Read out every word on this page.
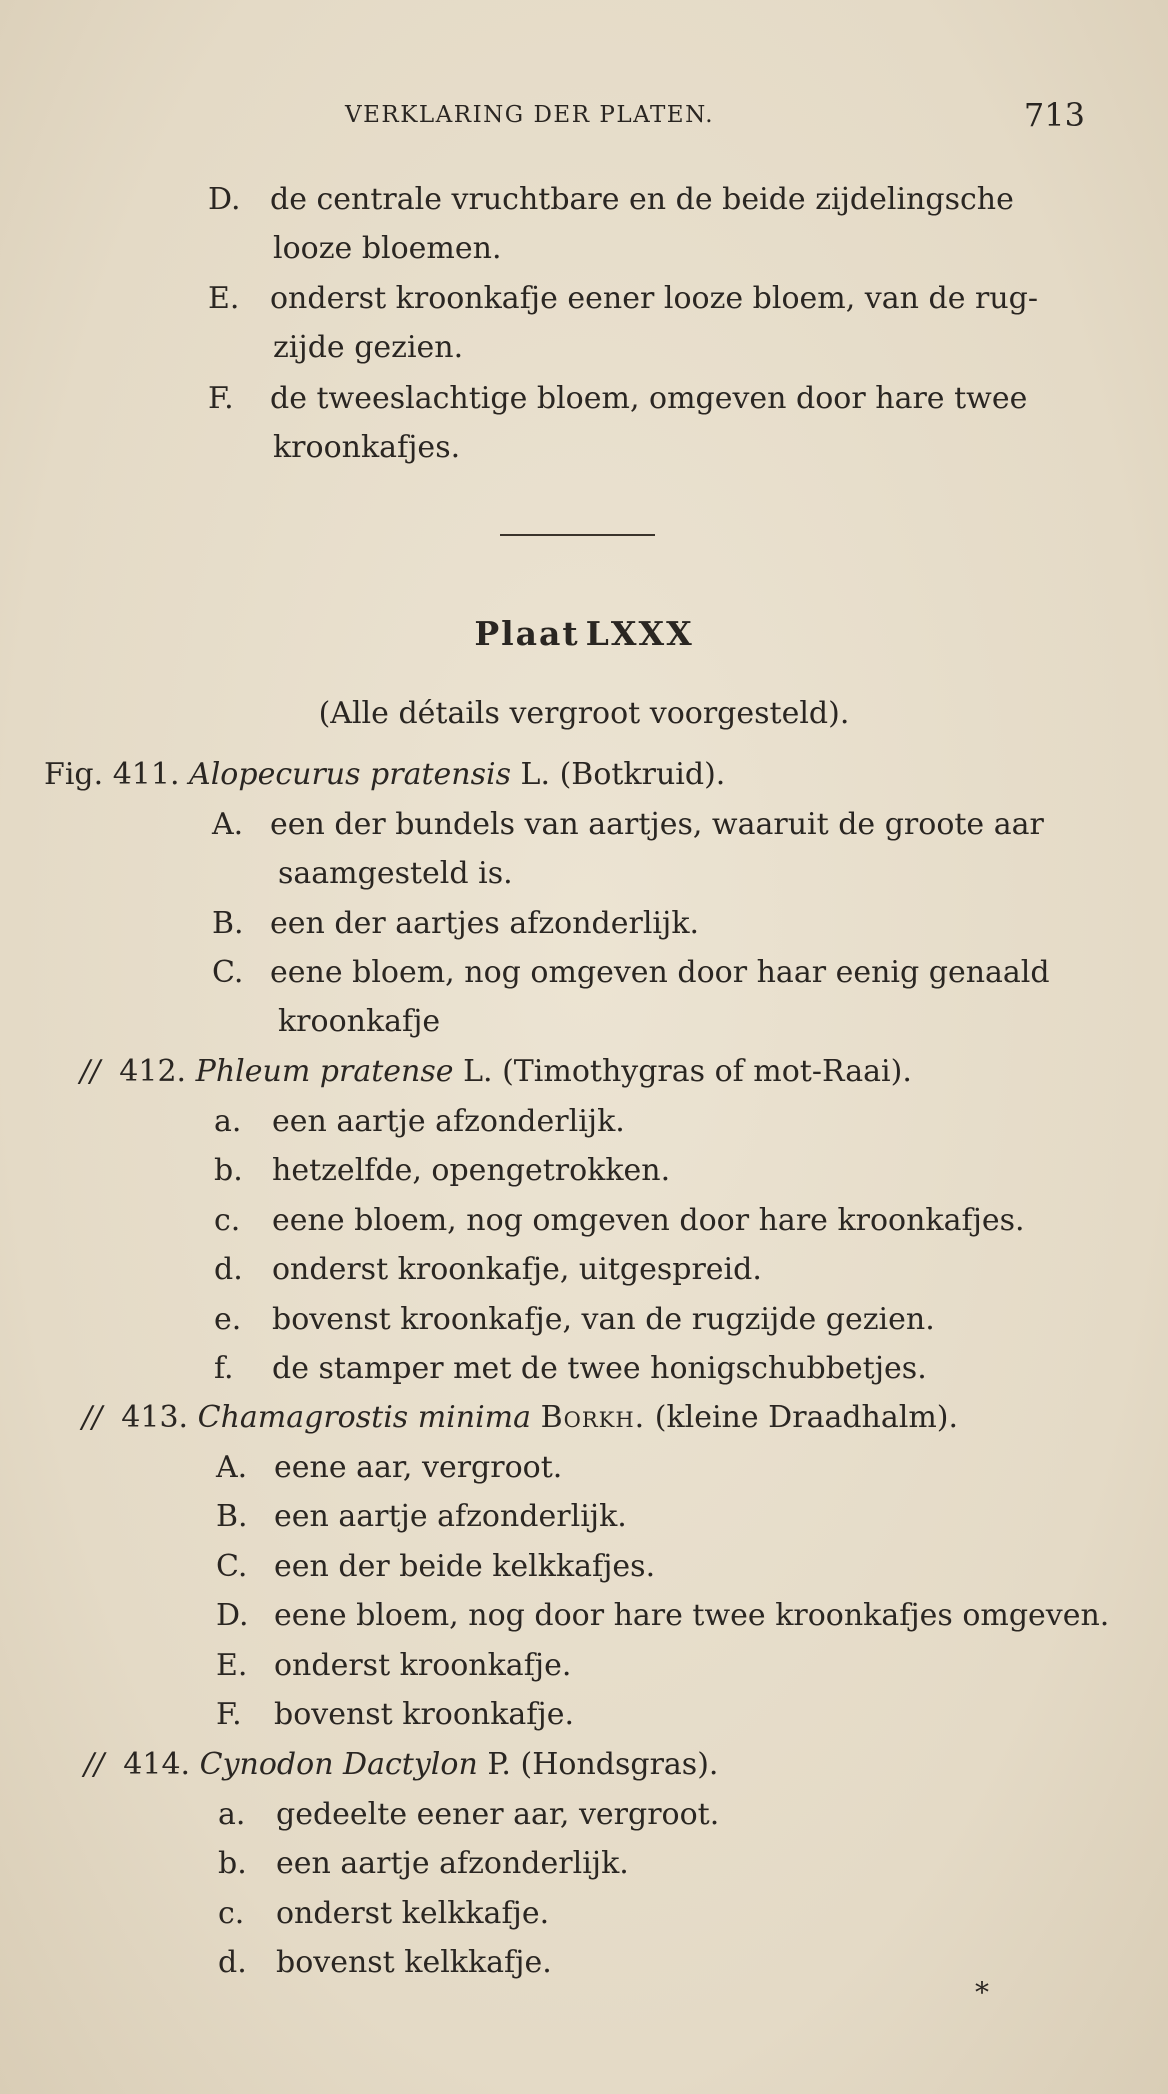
VERKLARING DER PLATEN.	713
D. de centrale vruchtbare en de beide zijdelingsche
looze bloemen.
E. onderst kroonkafje eener looze bloem, van de rug-
zijde gezien.
F. de tweeslachtige bloem, omgeven door hare twee
kroonkafjes.
Plaat LXXX
(Alle détails vergroot voorgesteld).
Fig. 411. Alopecurus pratensis L. (Botkruid).
A. een der bundels van aartjes, waaruit de groote aar
saamgesteld is.
B. een der aartjes afzonderlijk.
C. eene bloem, nog omgeven door haar eenig genaald
kroonkafje
// 412. Phleum pratense L. (Timothygras of mot-Raai).
a. een aartje afzonderlijk.
b. hetzelfde, opengetrokken.
c. eene bloem, nog omgeven door hare kroonkafjes.
d. onderst kroonkafje, uitgespreid.
e. bovenst kroonkafje, van de rugzijde gezien.
f. de stamper met de twee honigschubbetjes.
// 413. Chamagrostis minima Borkh. (kleine Draadhalm).
A. eene aar, vergroot.
B. een aartje afzonderlijk.
C. een der beide kelkkafjes.
D. eene bloem, nog door hare twee kroonkafjes omgeven.
E. onderst kroonkafje.
F. bovenst kroonkafje.
// 414. Cynodon Dactylon P. (Hondsgras).
a. gedeelte eener aar, vergroot.
b. een aartje afzonderlijk.
c. onderst kelkkafje.
d. bovenst kelkkafje.
*
